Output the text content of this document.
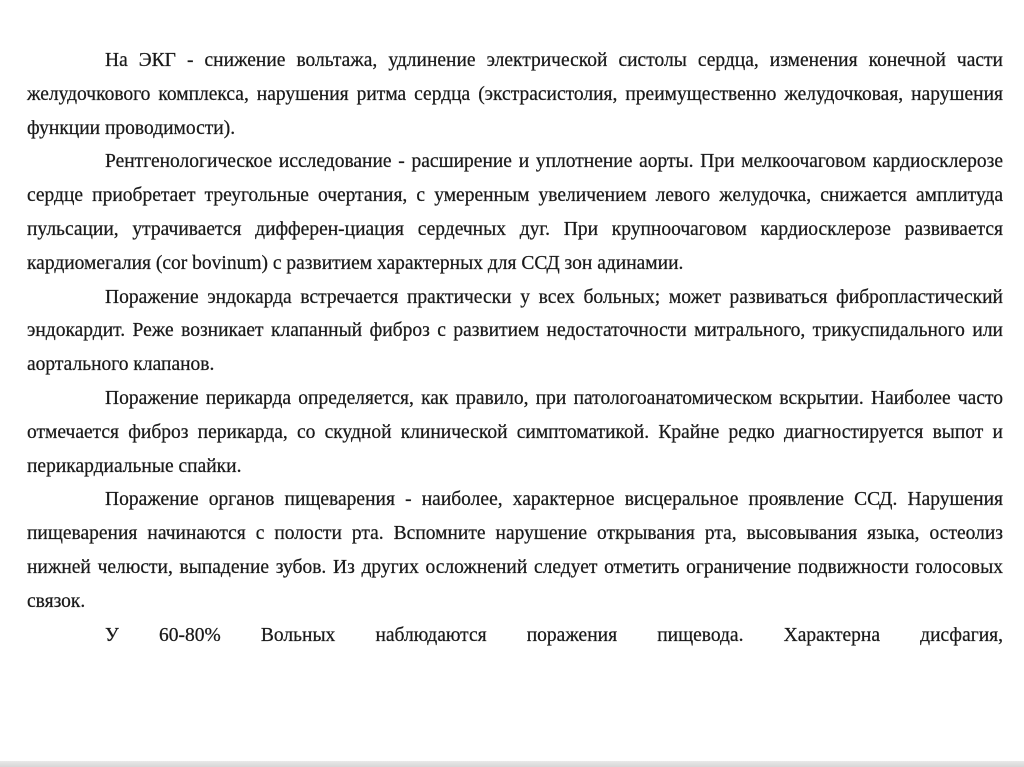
На ЭКГ - снижение вольтажа, удлинение электрической систолы сердца, изменения конечной части желудочкового комплекса, нарушения ритма сердца (экстрасистолия, преимущественно желудочковая, нарушения функции проводимости).

Рентгенологическое исследование - расширение и уплотнение аорты. При мелкоочаговом кардиосклерозе сердце приобретает треугольные очертания, с умеренным увеличением левого желудочка, снижается амплитуда пульсации, утрачивается дифферен-циация сердечных дуг. При крупноочаговом кардиосклерозе развивается кардиомегалия (cor bovinum) с развитием характерных для ССД зон адинамии.

Поражение эндокарда встречается практически у всех больных; может развиваться фибропластический эндокардит. Реже возникает клапанный фиброз с развитием недостаточности митрального, трикуспидального или аортального клапанов.

Поражение перикарда определяется, как правило, при патологоанатомическом вскрытии. Наиболее часто отмечается фиброз перикарда, со скудной клинической симптоматикой. Крайне редко диагностируется выпот и перикардиальные спайки.

Поражение органов пищеварения - наиболее, характерное висцеральное проявление ССД. Нарушения пищеварения начинаются с полости рта. Вспомните нарушение открывания рта, высовывания языка, остеолиз нижней челюсти, выпадение зубов. Из других осложнений следует отметить ограничение подвижности голосовых связок.

У 60-80% Вольных наблюдаются поражения пищевода. Характерна дисфагия,
